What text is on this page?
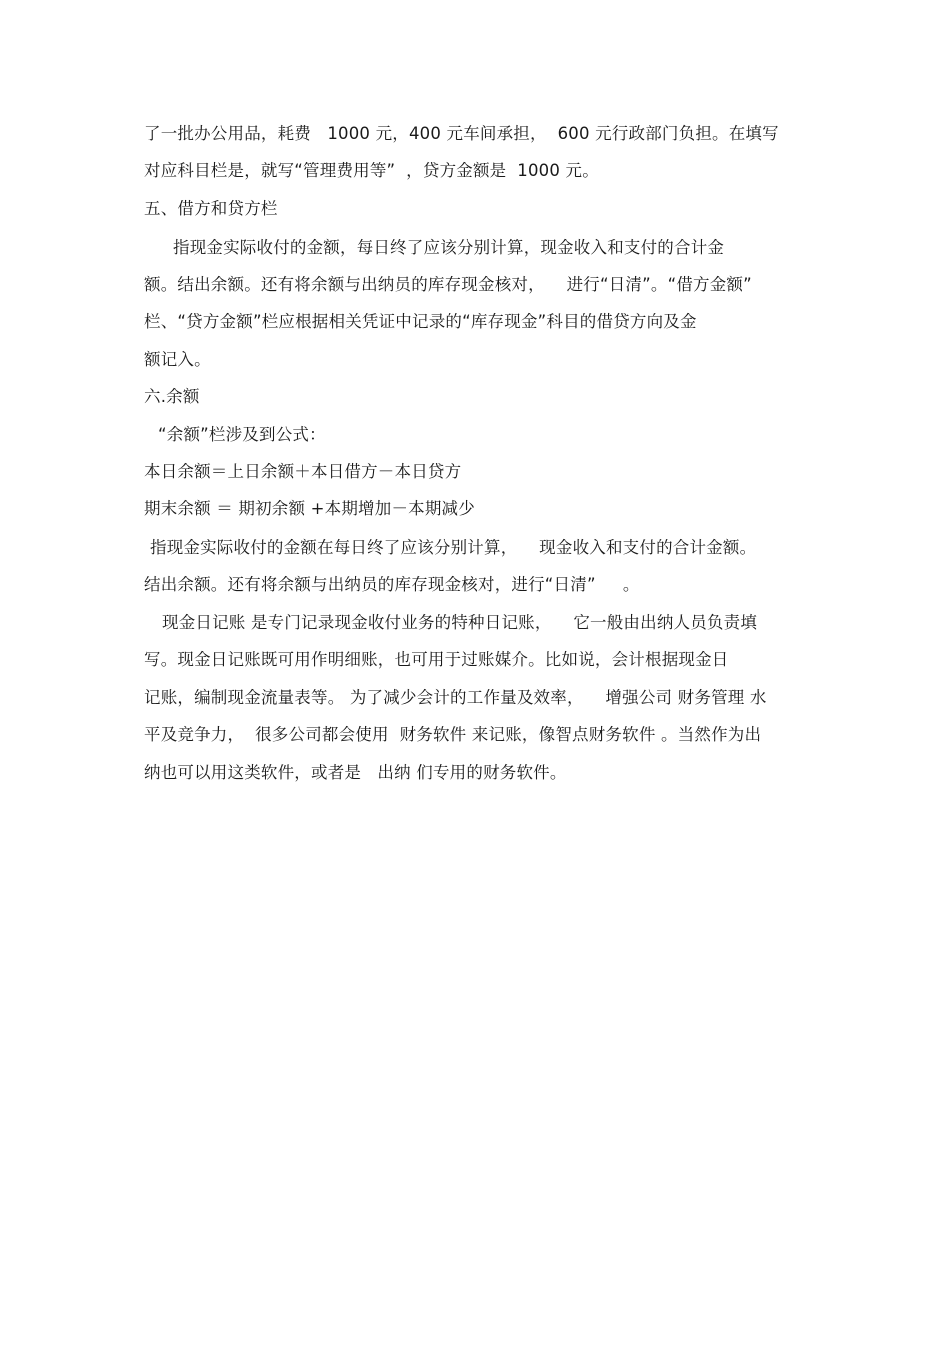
了一批办公用品，耗费   1000 元，400 元车间承担，  600 元行政部门负担。在填写
对应科目栏是，就写“管理费用等”  ，贷方金额是  1000 元。
五、借方和贷方栏
指现金实际收付的金额，每日终了应该分别计算，现金收入和支付的合计金
额。结出余额。还有将余额与出纳员的库存现金核对，    进行“日清”。“借方金额”
栏、“贷方金额”栏应根据相关凭证中记录的“库存现金”科目的借贷方向及金
额记入。
六.余额
“余额”栏涉及到公式：
本日余额＝上日余额＋本日借方－本日贷方
期末余额 ＝ 期初余额 +本期增加－本期减少
指现金实际收付的金额在每日终了应该分别计算，    现金收入和支付的合计金额。
结出余额。还有将余额与出纳员的库存现金核对，进行“日清”     。
现金日记账 是专门记录现金收付业务的特种日记账，    它一般由出纳人员负责填
写。现金日记账既可用作明细账，也可用于过账媒介。比如说，会计根据现金日
记账，编制现金流量表等。 为了减少会计的工作量及效率，    增强公司 财务管理 水
平及竞争力，  很多公司都会使用  财务软件 来记账，像智点财务软件 。当然作为出
纳也可以用这类软件，或者是   出纳 们专用的财务软件。
